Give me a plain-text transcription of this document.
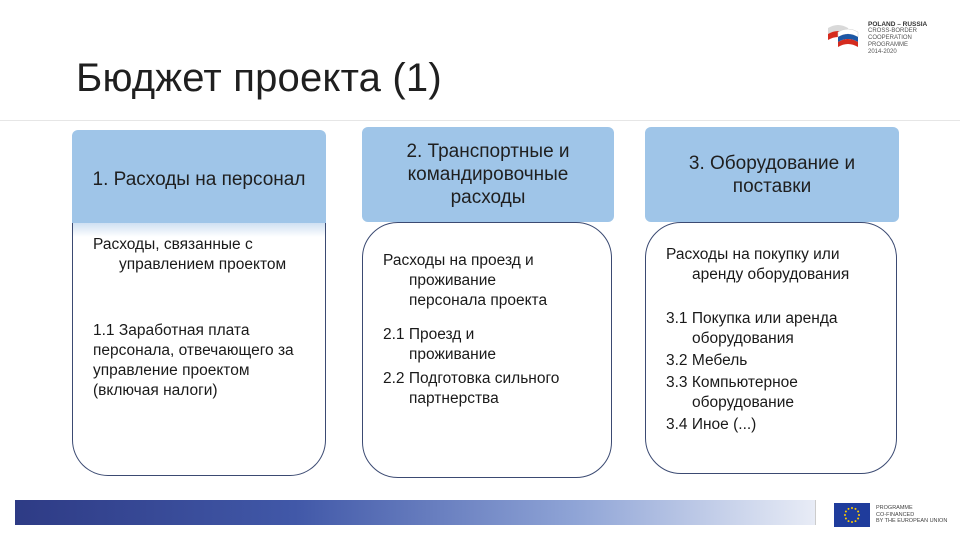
POLAND – RUSSIA
CROSS-BORDER
COOPERATION PROGRAMME
2014-2020
Бюджет проекта (1)
1. Расходы на персонал

Расходы, связанные с управлением проектом

1.1 Заработная плата персонала, отвечающего за управление проектом (включая налоги)

2. Транспортные и командировочные расходы

Расходы на проезд и проживание персонала проекта

2.1 Проезд и проживание

2.2 Подготовка сильного партнерства

3. Оборудование и поставки

Расходы на покупку или аренду оборудования

3.1 Покупка или аренда оборудования

3.2 Мебель

3.3 Компьютерное оборудование

3.4 Иное (...)

PROGRAMME
CO-FINANCED
BY THE EUROPEAN UNION
